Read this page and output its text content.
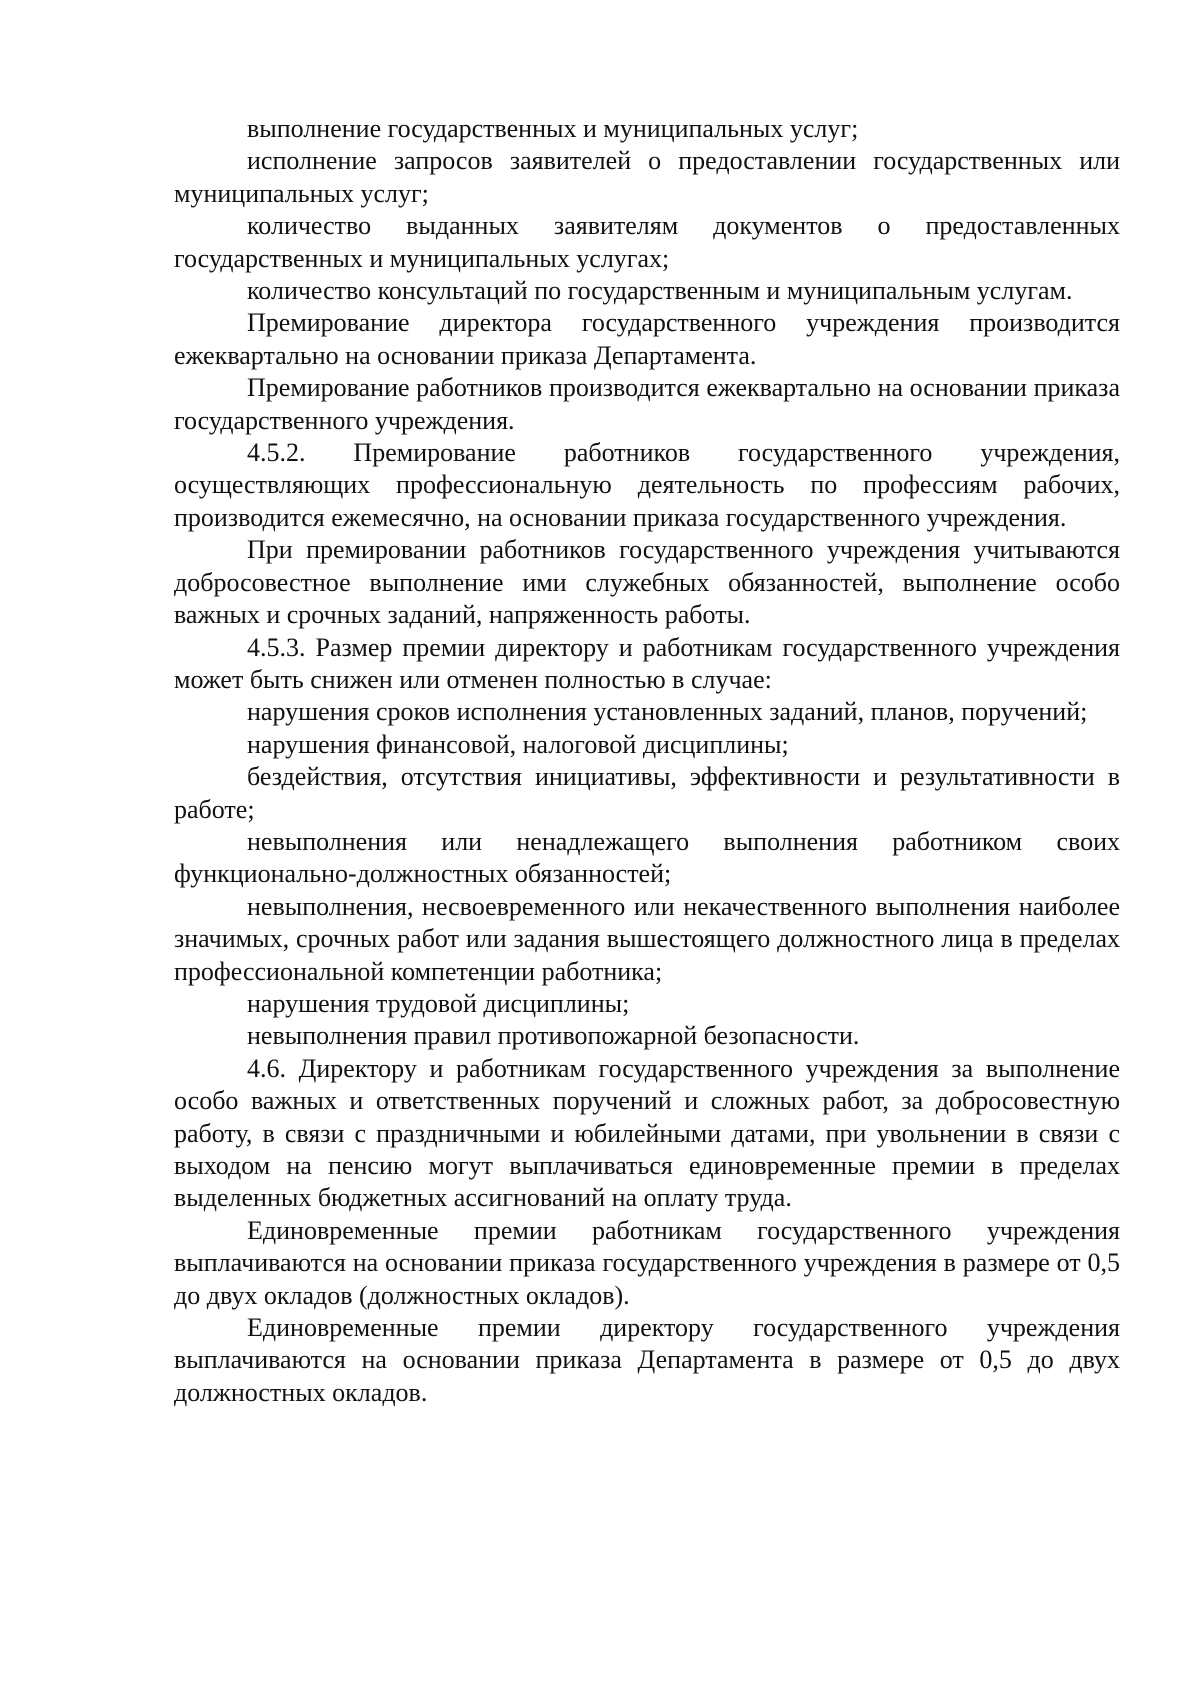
выполнение государственных и муниципальных услуг;

исполнение запросов заявителей о предоставлении государственных или муниципальных услуг;

количество выданных заявителям документов о предоставленных государственных и муниципальных услугах;

количество консультаций по государственным и муниципальным услугам.

Премирование директора государственного учреждения производится ежеквартально на основании приказа Департамента.

Премирование работников производится ежеквартально на основании приказа государственного учреждения.

4.5.2. Премирование работников государственного учреждения, осуществляющих профессиональную деятельность по профессиям рабочих, производится ежемесячно, на основании приказа государственного учреждения.

При премировании работников государственного учреждения учитываются добросовестное выполнение ими служебных обязанностей, выполнение особо важных и срочных заданий, напряженность работы.

4.5.3. Размер премии директору и работникам государственного учреждения может быть снижен или отменен полностью в случае:

нарушения сроков исполнения установленных заданий, планов, поручений;

нарушения финансовой, налоговой дисциплины;

бездействия, отсутствия инициативы, эффективности и результативности в работе;

невыполнения или ненадлежащего выполнения работником своих функционально-должностных обязанностей;

невыполнения, несвоевременного или некачественного выполнения наиболее значимых, срочных работ или задания вышестоящего должностного лица в пределах профессиональной компетенции работника;

нарушения трудовой дисциплины;

невыполнения правил противопожарной безопасности.

4.6. Директору и работникам государственного учреждения за выполнение особо важных и ответственных поручений и сложных работ, за добросовестную работу, в связи с праздничными и юбилейными датами, при увольнении в связи с выходом на пенсию могут выплачиваться единовременные премии в пределах выделенных бюджетных ассигнований на оплату труда.

Единовременные премии работникам государственного учреждения выплачиваются на основании приказа государственного учреждения в размере от 0,5 до двух окладов (должностных окладов).

Единовременные премии директору государственного учреждения выплачиваются на основании приказа Департамента в размере от 0,5 до двух должностных окладов.
